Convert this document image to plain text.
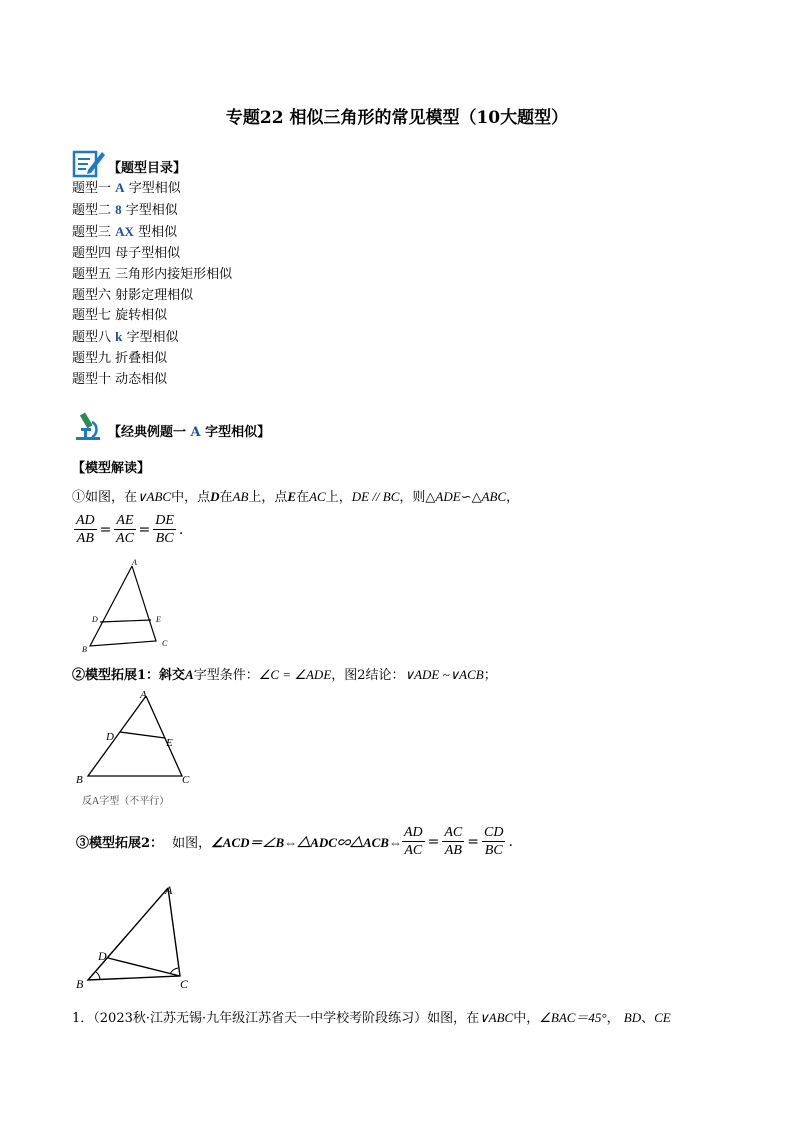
专题22 相似三角形的常见模型（10大题型）
【题型目录】
题型一 A 字型相似
题型二 8 字型相似
题型三 AX 型相似
题型四 母子型相似
题型五 三角形内接矩形相似
题型六 射影定理相似
题型七 旋转相似
题型八 k 字型相似
题型九 折叠相似
题型十 动态相似
【经典例题一 A 字型相似】
【模型解读】
①如图，在∨ABC中，点D在AB上，点E在AC上，DE // BC，则△ADE∽△ABC，
$\frac{AD}{AB} = \frac{AE}{AC} = \frac{DE}{BC}$ .
A
D	E
B
C
②模型拓展1：斜交A字型条件：∠C = ∠ADE，图2结论：∨ADE ~∨ACB；
A
D	E
B	C
反A字型（不平行）
③模型拓展2： 如图，∠ACD＝∠B⇔△ADC∽△ACB⇔ $\frac{AD}{AC} = \frac{AC}{AB} = \frac{CD}{BC}$ .
A
D
B	C
1．（2023秋·江苏无锡·九年级江苏省天一中学校考阶段练习）如图，在∨ABC中，∠BAC＝45°， BD、CE
